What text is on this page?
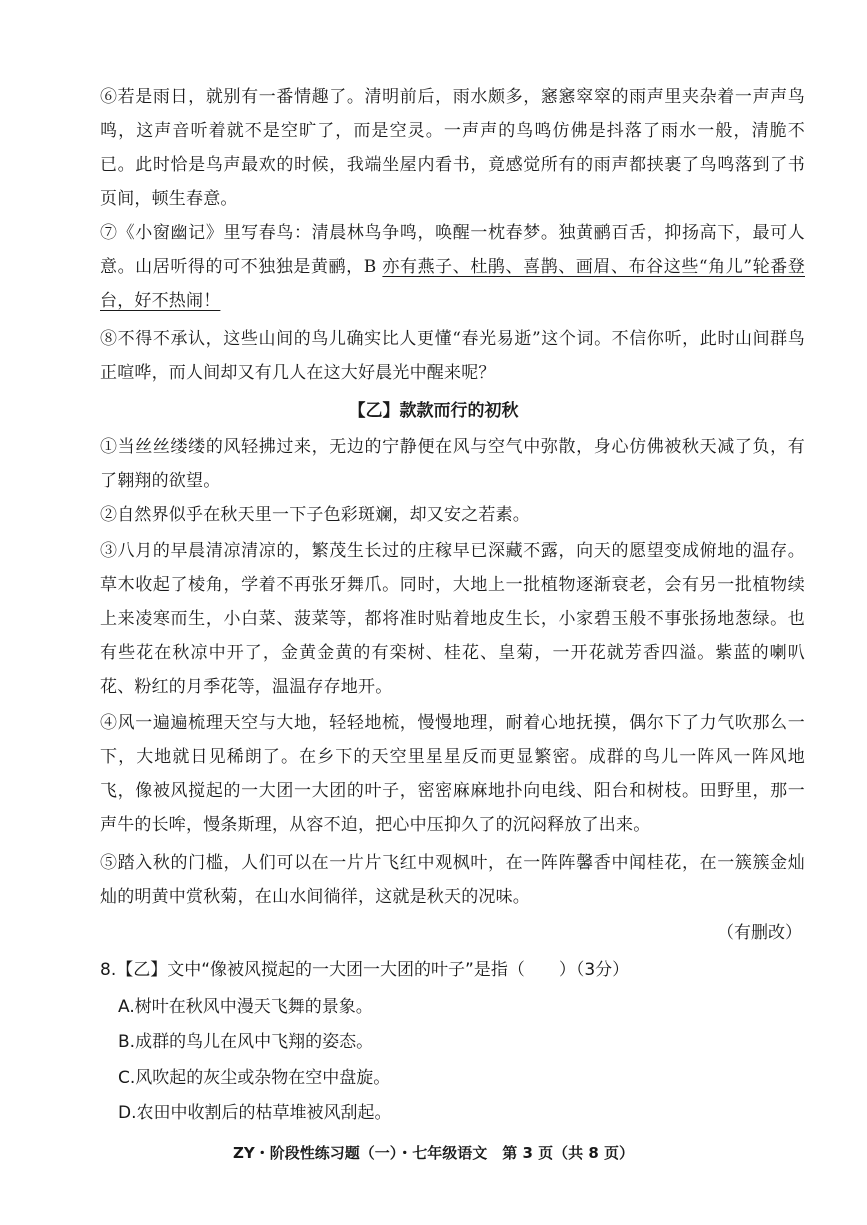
⑥若是雨日，就别有一番情趣了。清明前后，雨水颇多，窸窸窣窣的雨声里夹杂着一声声鸟鸣，这声音听着就不是空旷了，而是空灵。一声声的鸟鸣仿佛是抖落了雨水一般，清脆不已。此时恰是鸟声最欢的时候，我端坐屋内看书，竟感觉所有的雨声都挟裹了鸟鸣落到了书页间，顿生春意。

⑦《小窗幽记》里写春鸟：清晨林鸟争鸣，唤醒一枕春梦。独黄鹂百舌，抑扬高下，最可人意。山居听得的可不独独是黄鹂，B 亦有燕子、杜鹃、喜鹊、画眉、布谷这些“角儿”轮番登台，好不热闹！

⑧不得不承认，这些山间的鸟儿确实比人更懂“春光易逝”这个词。不信你听，此时山间群鸟正喧哗，而人间却又有几人在这大好晨光中醒来呢？

【乙】款款而行的初秋

①当丝丝缕缕的风轻拂过来，无边的宁静便在风与空气中弥散，身心仿佛被秋天减了负，有了翱翔的欲望。

②自然界似乎在秋天里一下子色彩斑斓，却又安之若素。

③八月的早晨清凉清凉的，繁茂生长过的庄稼早已深藏不露，向天的愿望变成俯地的温存。草木收起了棱角，学着不再张牙舞爪。同时，大地上一批植物逐渐衰老，会有另一批植物续上来凌寒而生，小白菜、菠菜等，都将准时贴着地皮生长，小家碧玉般不事张扬地葱绿。也有些花在秋凉中开了，金黄金黄的有栾树、桂花、皇菊，一开花就芳香四溢。紫蓝的喇叭花、粉红的月季花等，温温存存地开。

④风一遍遍梳理天空与大地，轻轻地梳，慢慢地理，耐着心地抚摸，偶尔下了力气吹那么一下，大地就日见稀朗了。在乡下的天空里星星反而更显繁密。成群的鸟儿一阵风一阵风地飞，像被风搅起的一大团一大团的叶子，密密麻麻地扑向电线、阳台和树枝。田野里，那一声牛的长哞，慢条斯理，从容不迫，把心中压抑久了的沉闷释放了出来。

⑤踏入秋的门槛，人们可以在一片片飞红中观枫叶，在一阵阵馨香中闻桂花，在一簇簇金灿灿的明黄中赏秋菊，在山水间徜徉，这就是秋天的况味。

（有删改）
8.【乙】文中“像被风搅起的一大团一大团的叶子”是指（　　）（3分）
A.树叶在秋风中漫天飞舞的景象。
B.成群的鸟儿在风中飞翔的姿态。
C.风吹起的灰尘或杂物在空中盘旋。
D.农田中收割后的枯草堆被风刮起。
ZY・阶段性练习题（一）・七年级语文　第 3 页（共 8 页）
